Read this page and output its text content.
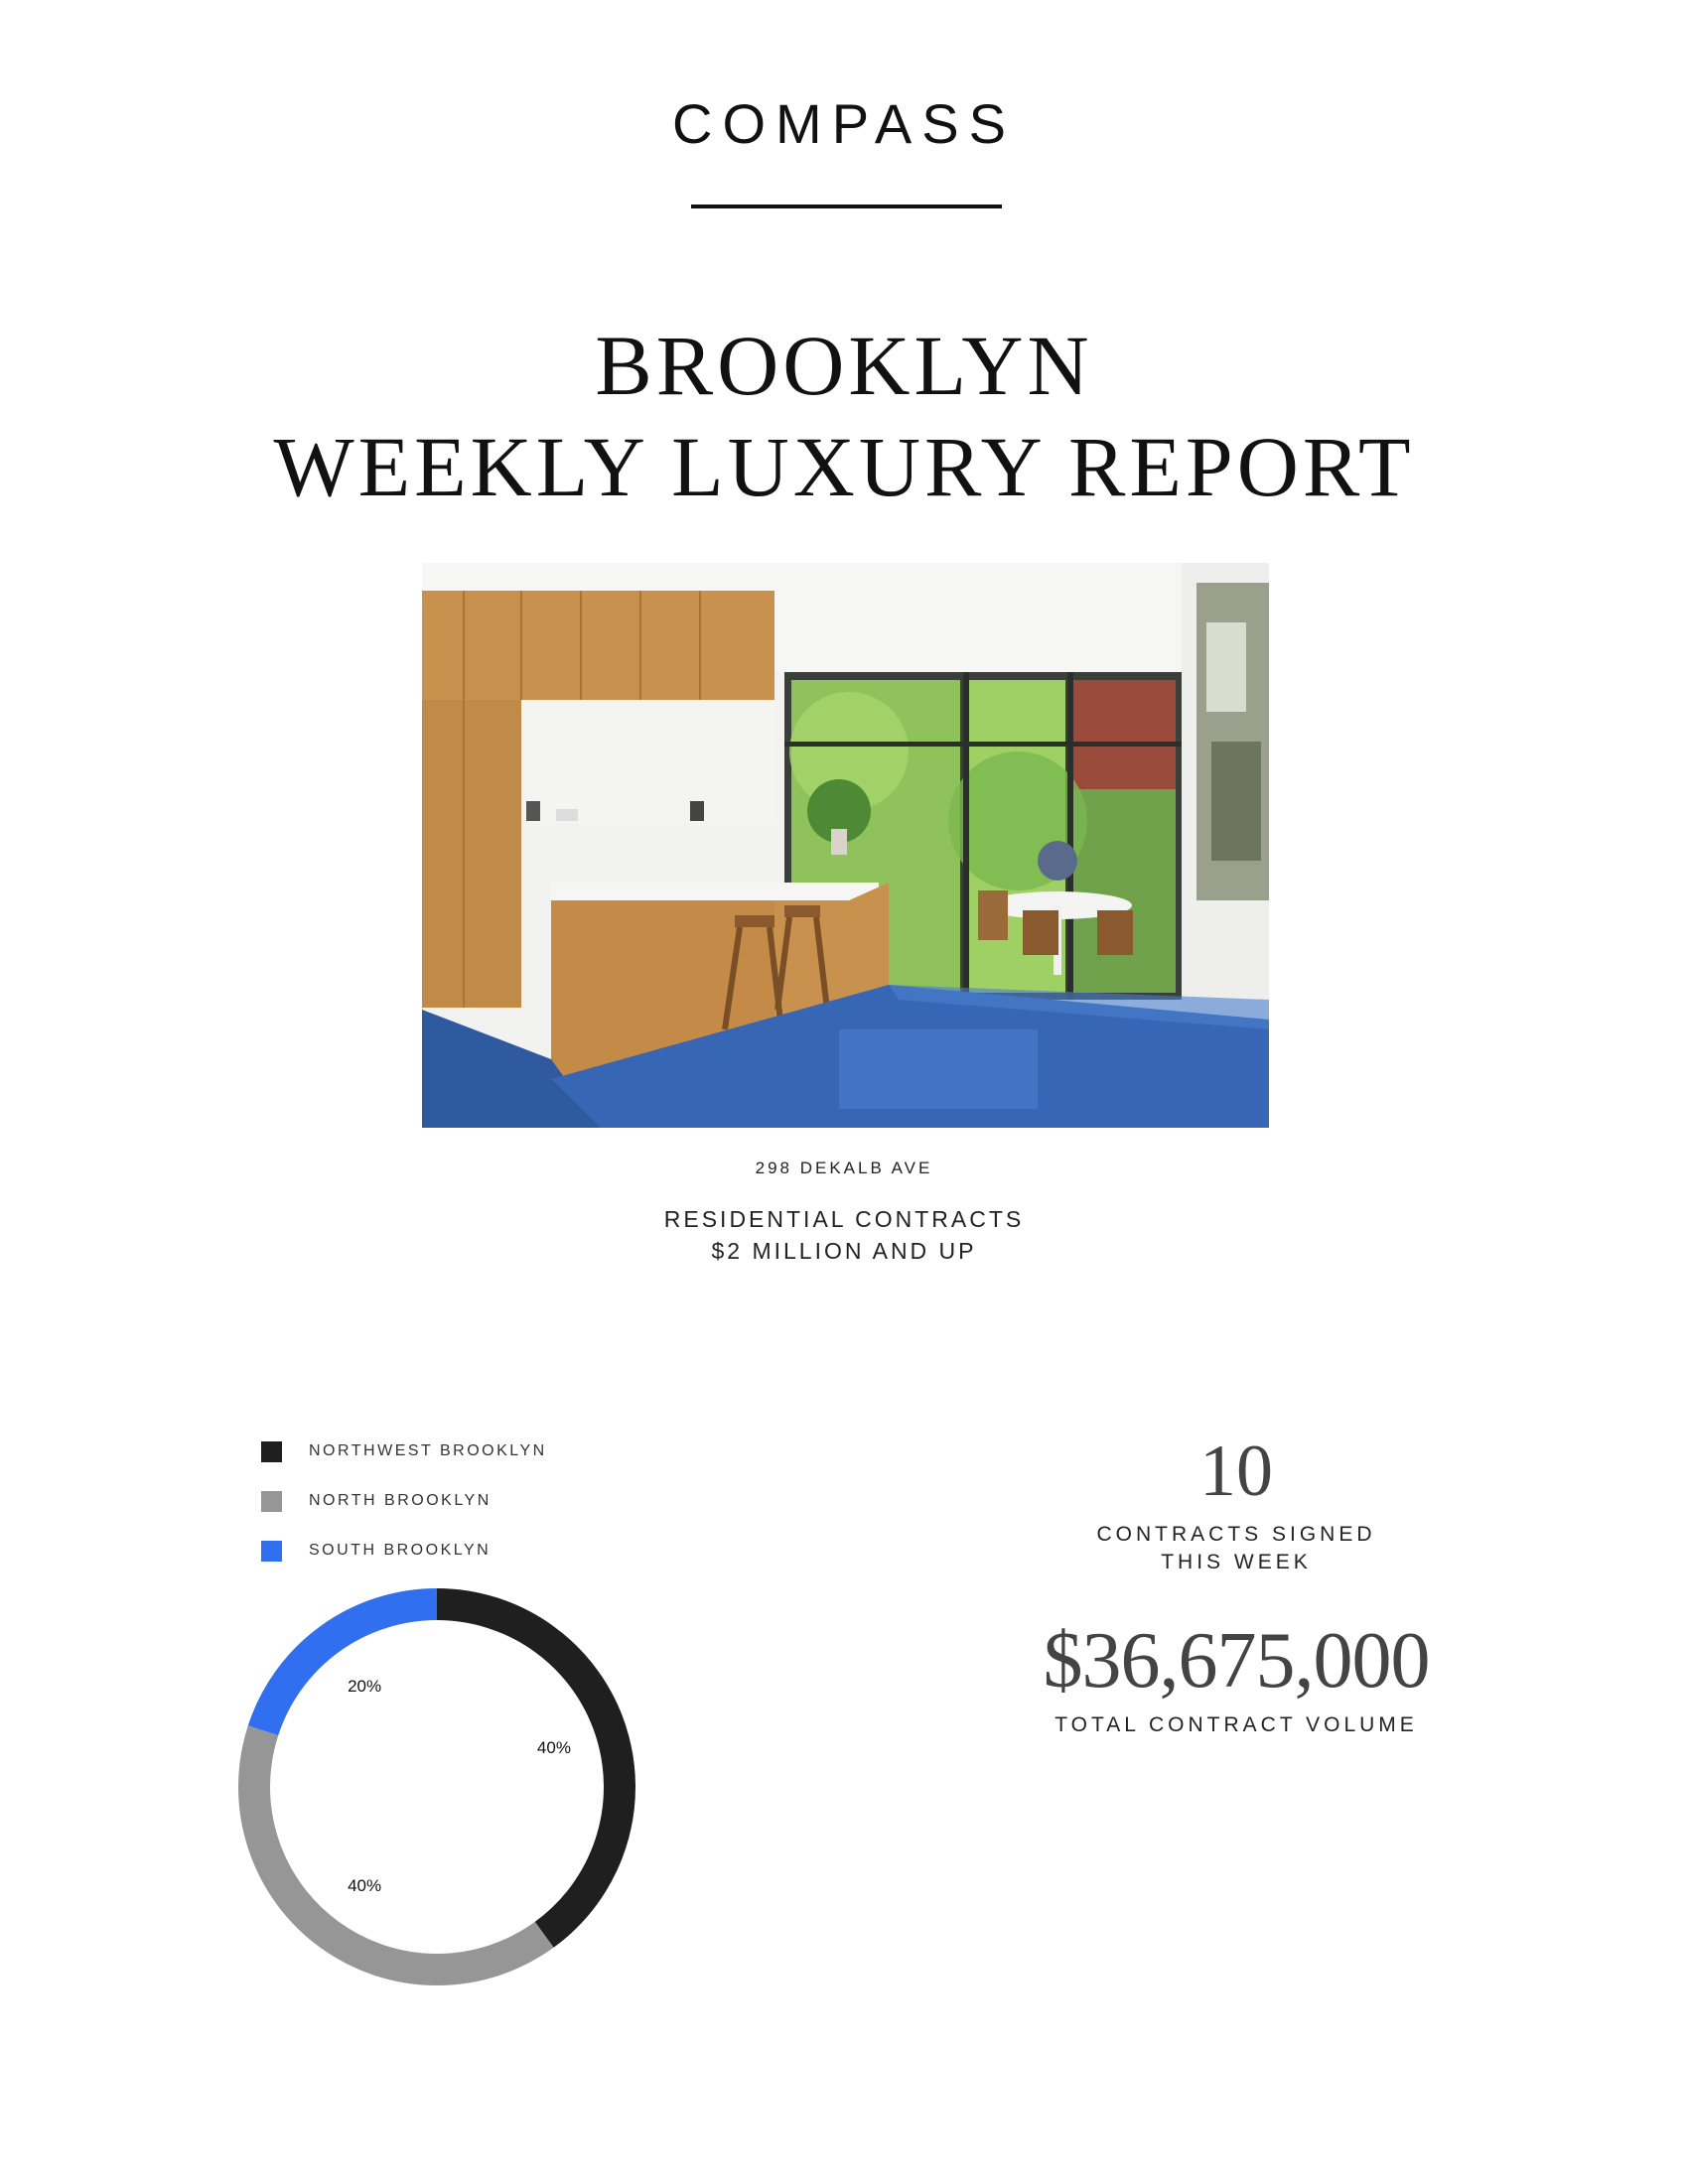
COMPASS
BROOKLYN
WEEKLY LUXURY REPORT
298 DEKALB AVE
RESIDENTIAL CONTRACTS
$2 MILLION AND UP
NORTHWEST BROOKLYN
NORTH BROOKLYN
SOUTH BROOKLYN
40%
40%
20%
10
CONTRACTS SIGNED
THIS WEEK
$36,675,000
TOTAL CONTRACT VOLUME
